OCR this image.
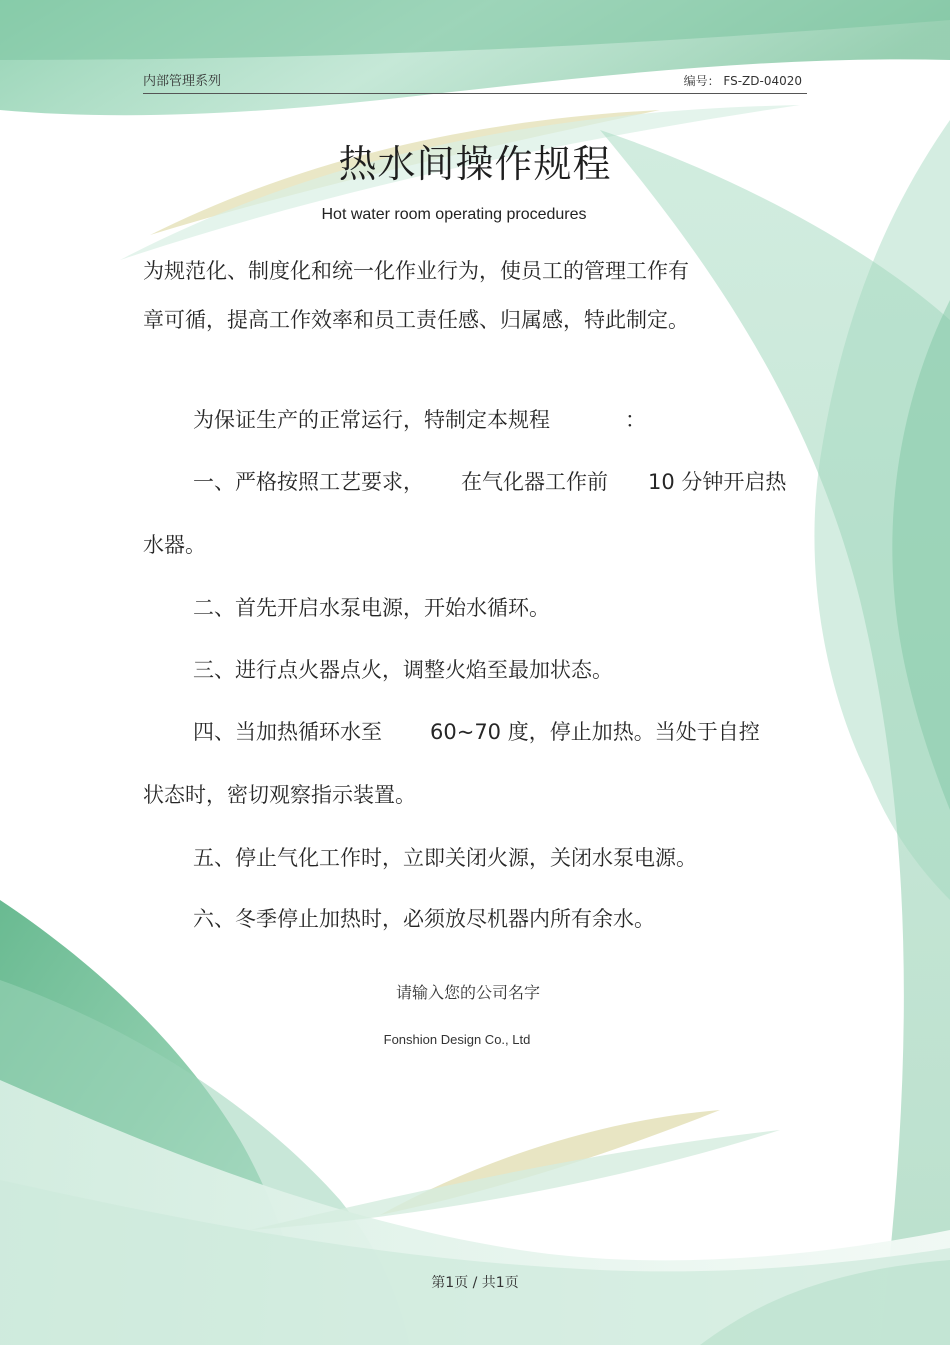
内部管理系列	编号： FS-ZD-04020
热水间操作规程
Hot water room operating procedures
为规范化、制度化和统一化作业行为，使员工的管理工作有
章可循，提高工作效率和员工责任感、归属感，特此制定。
为保证生产的正常运行，特制定本规程	：
一、严格按照工艺要求， 在气化器工作前 10 分钟开启热
水器。
二、首先开启水泵电源，开始水循环。
三、进行点火器点火，调整火焰至最加状态。
四、当加热循环水至 60~70 度，停止加热。当处于自控
状态时，密切观察指示装置。
五、停止气化工作时，立即关闭火源，关闭水泵电源。
六、冬季停止加热时，必须放尽机器内所有余水。
请输入您的公司名字
Fonshion Design Co., Ltd
第1页 / 共1页
